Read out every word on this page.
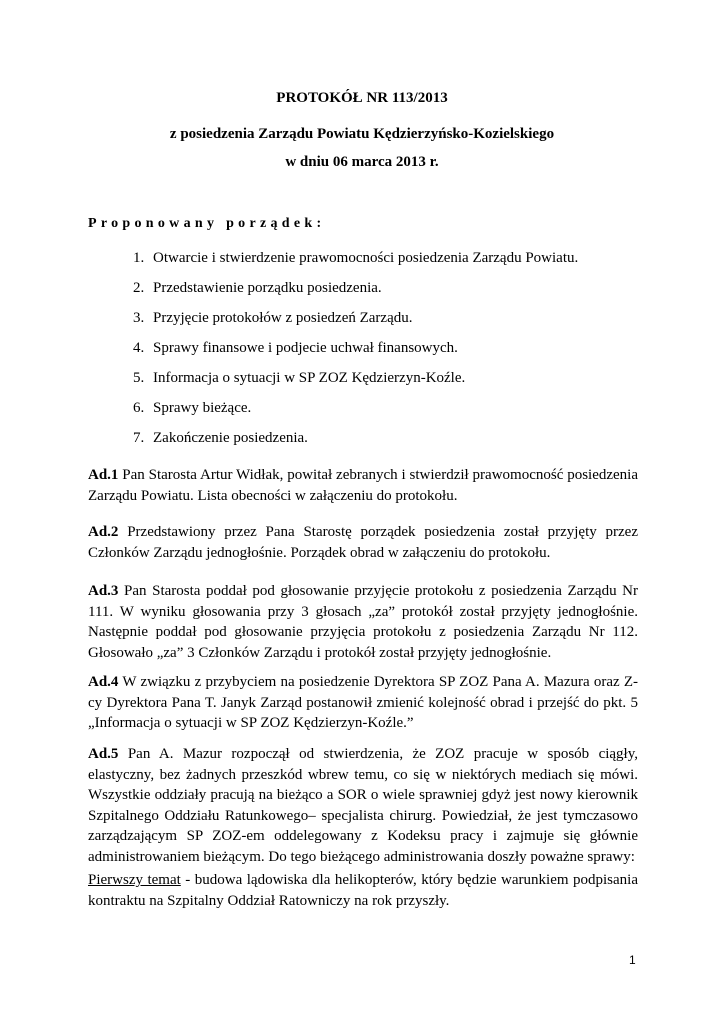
PROTOKÓŁ NR 113/2013
z posiedzenia Zarządu Powiatu Kędzierzyńsko-Kozielskiego
w dniu 06 marca 2013 r.
Proponowany porządek:
1. Otwarcie i stwierdzenie prawomocności posiedzenia Zarządu Powiatu.
2. Przedstawienie porządku posiedzenia.
3. Przyjęcie protokołów z posiedzeń Zarządu.
4. Sprawy finansowe i podjecie uchwał finansowych.
5. Informacja o sytuacji w SP ZOZ Kędzierzyn-Koźle.
6. Sprawy bieżące.
7. Zakończenie posiedzenia.

Ad.1 Pan Starosta Artur Widłak, powitał zebranych i stwierdził prawomocność posiedzenia Zarządu Powiatu. Lista obecności w załączeniu do protokołu.

Ad.2 Przedstawiony przez Pana Starostę porządek posiedzenia został przyjęty przez Członków Zarządu jednogłośnie. Porządek obrad w załączeniu do protokołu.

Ad.3 Pan Starosta poddał pod głosowanie przyjęcie protokołu z posiedzenia Zarządu Nr 111. W wyniku głosowania przy 3 głosach „za” protokół został przyjęty jednogłośnie. Następnie poddał pod głosowanie przyjęcia protokołu z posiedzenia Zarządu Nr 112. Głosowało „za” 3 Członków Zarządu i protokół został przyjęty jednogłośnie.

Ad.4 W związku z przybyciem na posiedzenie Dyrektora SP ZOZ Pana A. Mazura oraz Z-cy Dyrektora Pana T. Janyk Zarząd postanowił zmienić kolejność obrad i przejść do pkt. 5 „Informacja o sytuacji w SP ZOZ Kędzierzyn-Koźle.”

Ad.5 Pan A. Mazur rozpoczął od stwierdzenia, że ZOZ pracuje w sposób ciągły, elastyczny, bez żadnych przeszkód wbrew temu, co się w niektórych mediach się mówi. Wszystkie oddziały pracują na bieżąco a SOR o wiele sprawniej gdyż jest nowy kierownik Szpitalnego Oddziału Ratunkowego– specjalista chirurg. Powiedział, że jest tymczasowo zarządzającym SP ZOZ-em oddelegowany z Kodeksu pracy i zajmuje się głównie administrowaniem bieżącym. Do tego bieżącego administrowania doszły poważne sprawy:

Pierwszy temat - budowa lądowiska dla helikopterów, który będzie warunkiem podpisania kontraktu na Szpitalny Oddział Ratowniczy na rok przyszły.

1
